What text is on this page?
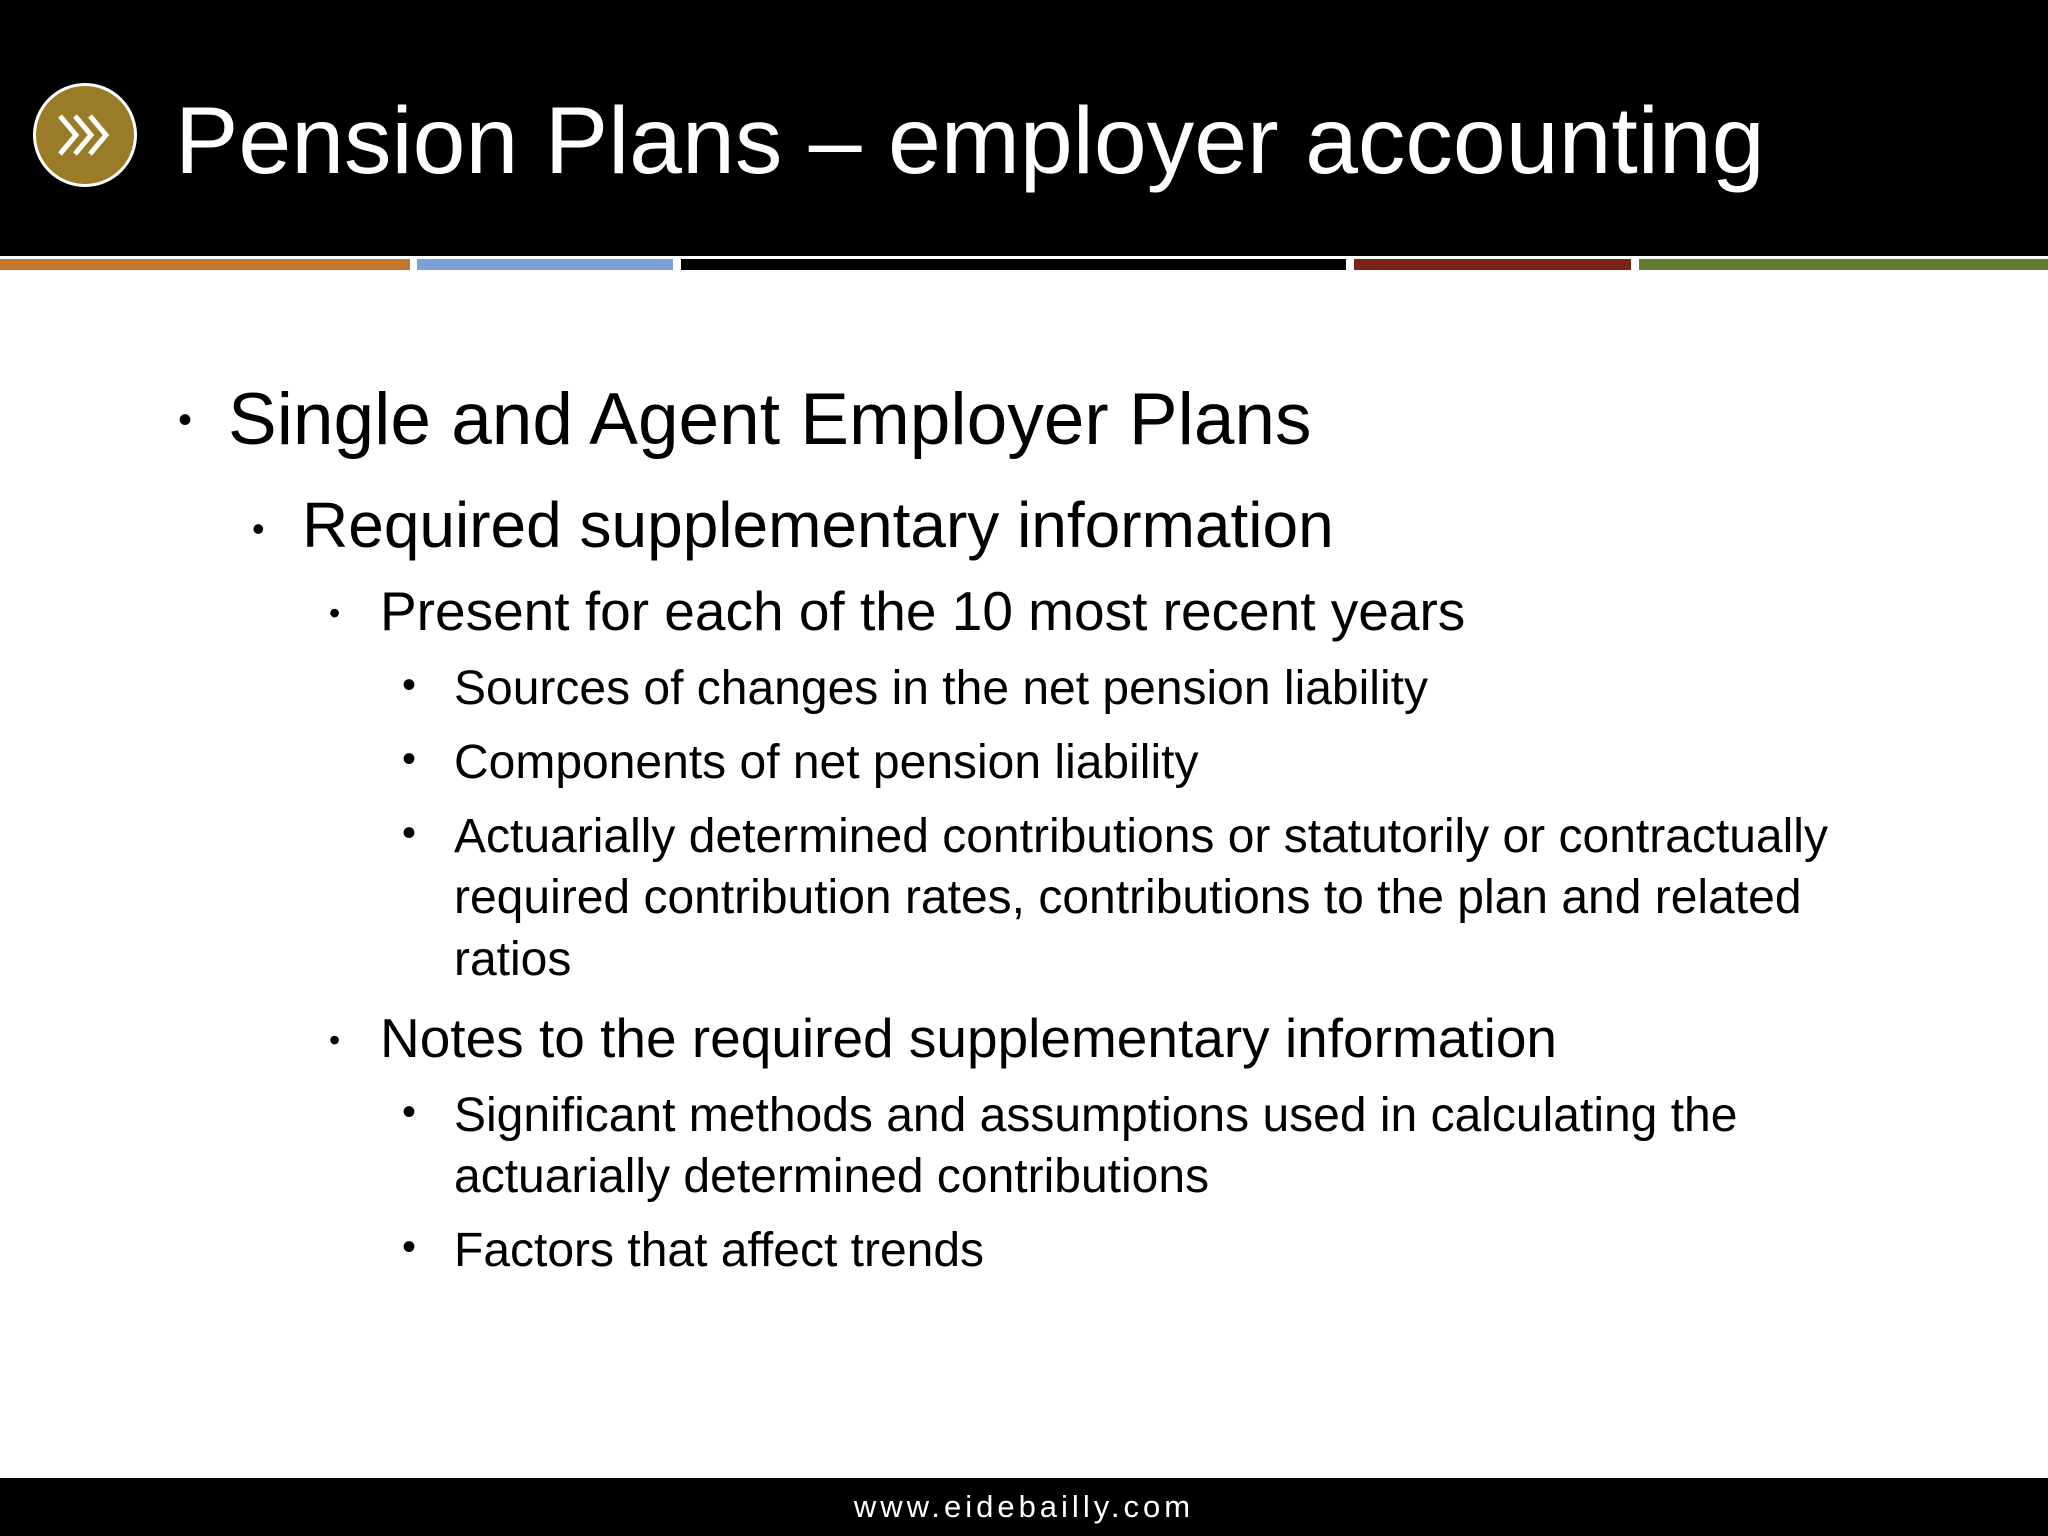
Pension Plans – employer accounting
• Single and Agent Employer Plans
• Required supplementary information
• Present for each of the 10 most recent years
• Sources of changes in the net pension liability
• Components of net pension liability
• Actuarially determined contributions or statutorily or contractually
required contribution rates, contributions to the plan and related
ratios
• Notes to the required supplementary information
• Significant methods and assumptions used in calculating the
actuarially determined contributions
• Factors that affect trends
www.eidebailly.com
